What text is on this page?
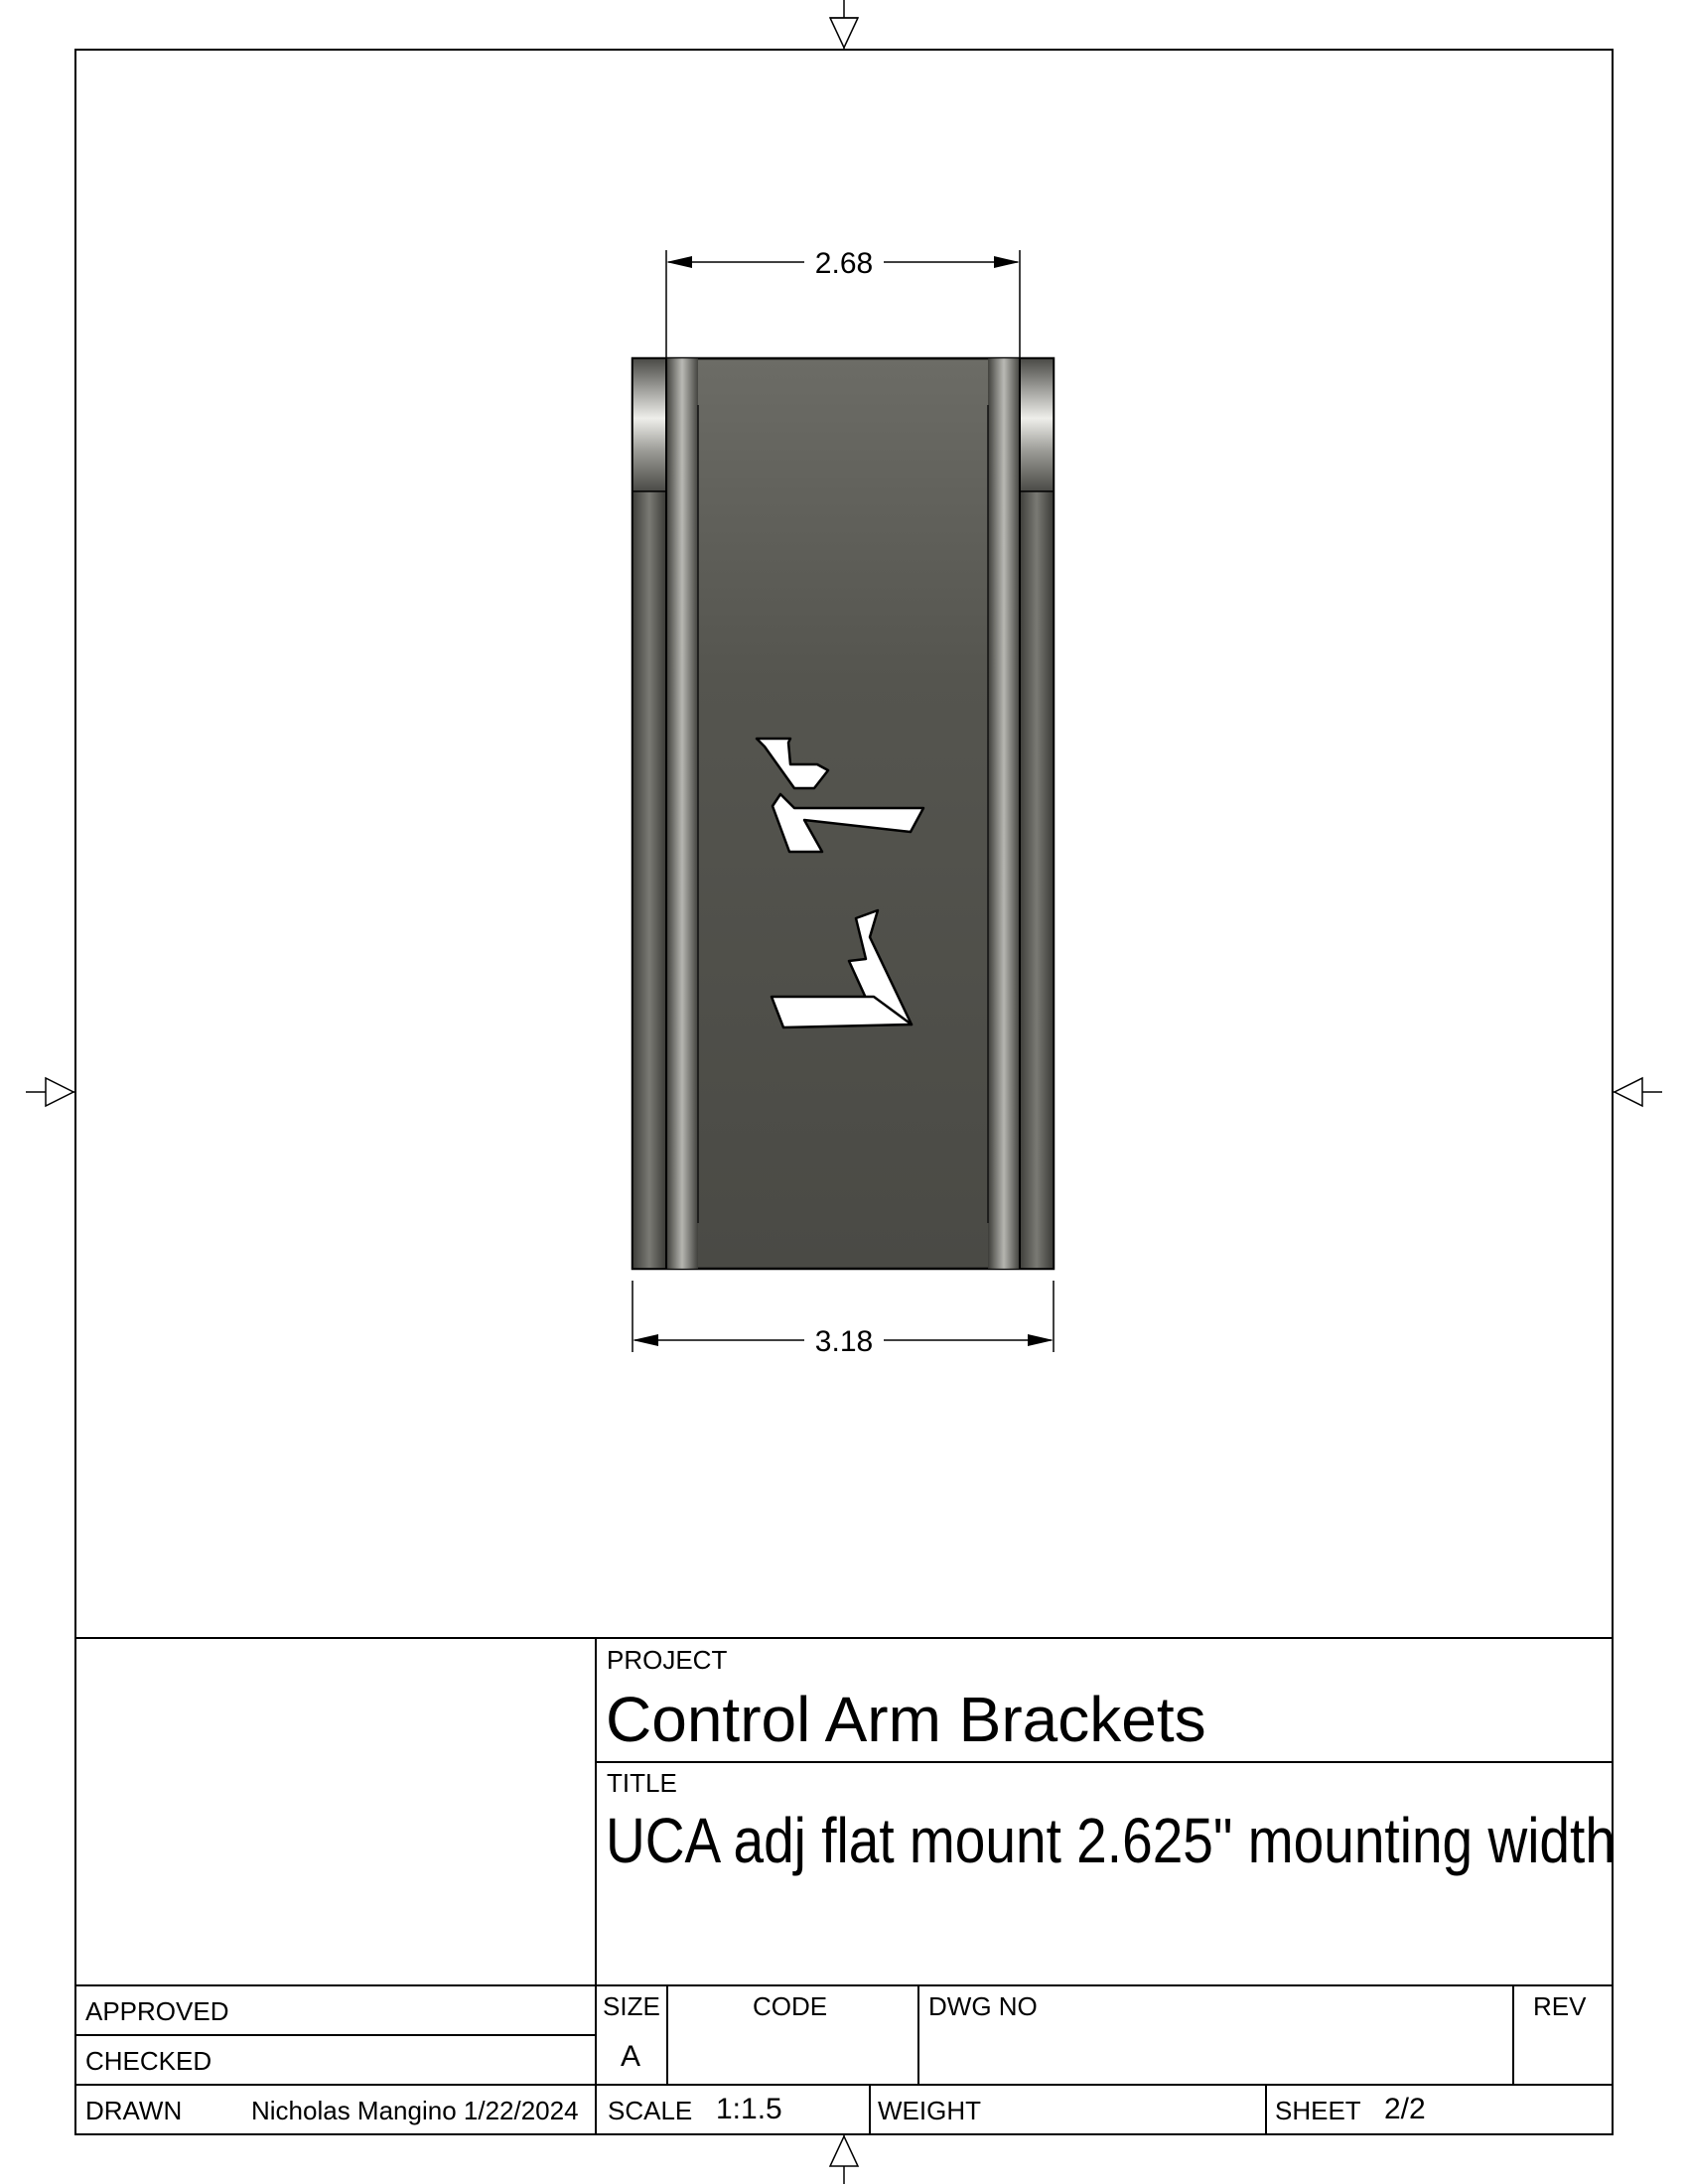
2.68
3.18
PROJECT
Control Arm Brackets
TITLE
UCA adj flat mount 2.625" mounting width
APPROVED
CHECKED
DRAWN	Nicholas Mangino 1/22/2024
SIZE
A
CODE	DWG NO	REV
SCALE 1:1.5	WEIGHT	SHEET 2/2
